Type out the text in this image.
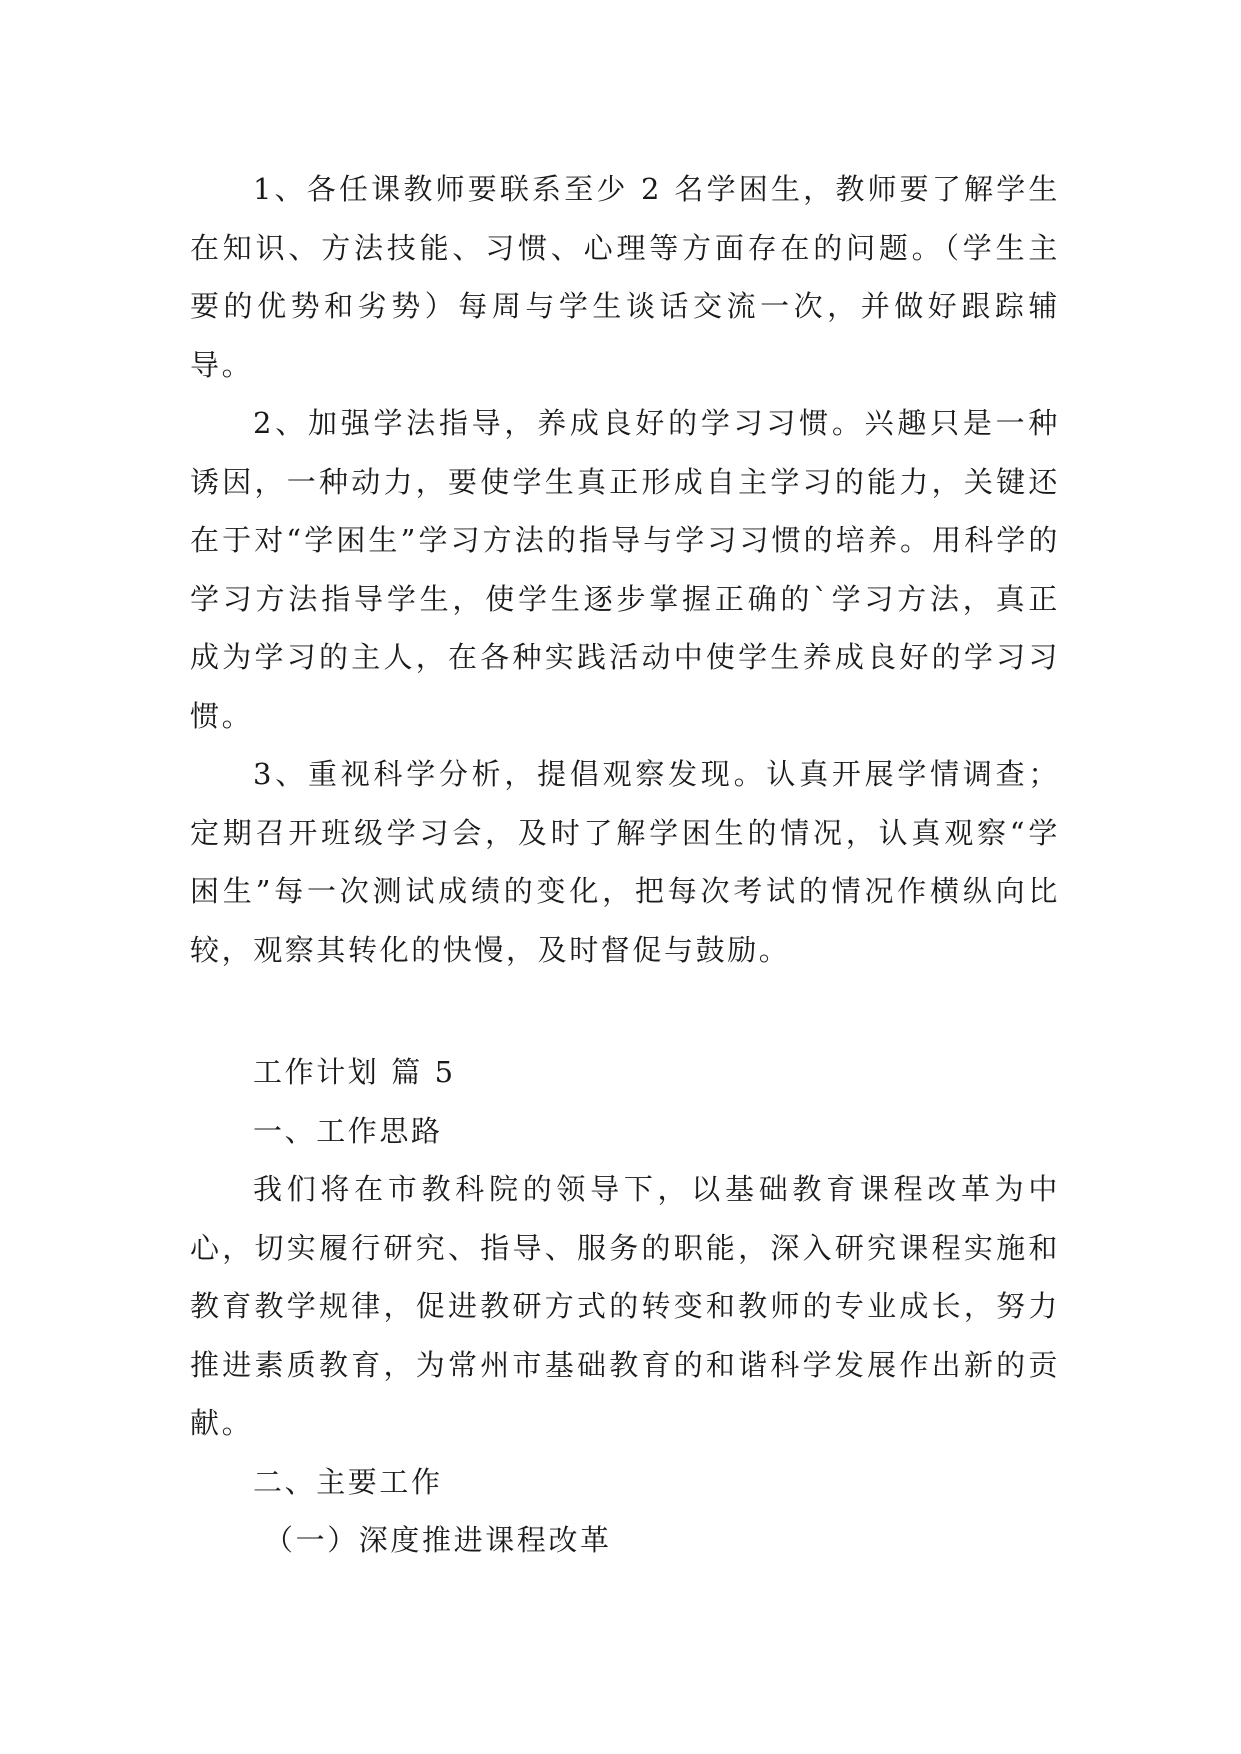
1、各任课教师要联系至少 2 名学困生，教师要了解学生在知识、方法技能、习惯、心理等方面存在的问题。（学生主要的优势和劣势）每周与学生谈话交流一次，并做好跟踪辅导。

2、加强学法指导，养成良好的学习习惯。兴趣只是一种诱因，一种动力，要使学生真正形成自主学习的能力，关键还在于对“学困生”学习方法的指导与学习习惯的培养。用科学的学习方法指导学生，使学生逐步掌握正确的`学习方法，真正成为学习的主人，在各种实践活动中使学生养成良好的学习习惯。

3、重视科学分析，提倡观察发现。认真开展学情调查；定期召开班级学习会，及时了解学困生的情况，认真观察“学困生”每一次测试成绩的变化，把每次考试的情况作横纵向比较，观察其转化的快慢，及时督促与鼓励。

工作计划 篇 5

一、工作思路

我们将在市教科院的领导下，以基础教育课程改革为中心，切实履行研究、指导、服务的职能，深入研究课程实施和教育教学规律，促进教研方式的转变和教师的专业成长，努力推进素质教育，为常州市基础教育的和谐科学发展作出新的贡献。

二、主要工作

（一）深度推进课程改革
